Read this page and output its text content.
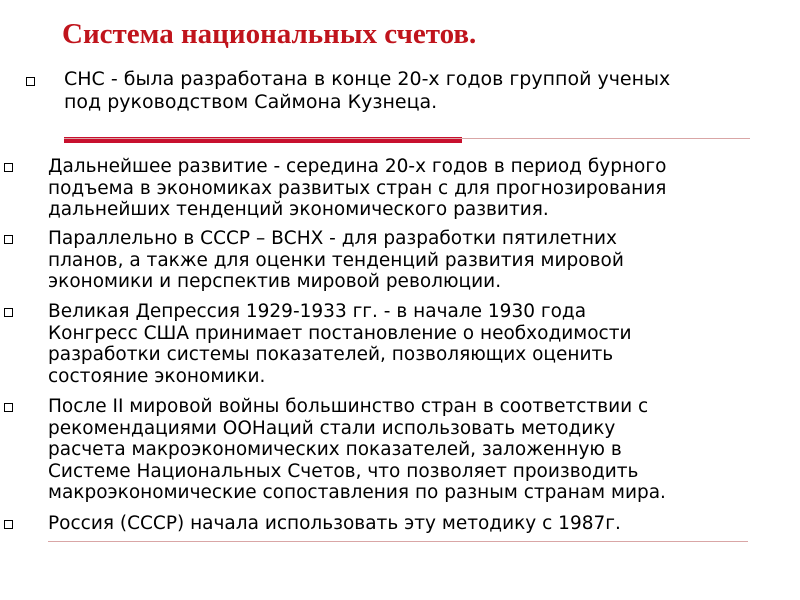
Система национальных счетов.

СНС - была разработана в конце 20-х годов группой ученых
под руководством Саймона Кузнеца.

Дальнейшее развитие - середина 20-х годов в период бурного
подъема в экономиках развитых стран с для прогнозирования
дальнейших тенденций экономического развития.

Параллельно в СССР – ВСНХ - для разработки пятилетних
планов, а также для оценки тенденций развития мировой
экономики и перспектив мировой революции.

Великая Депрессия 1929-1933 гг. - в начале 1930 года
Конгресс США принимает постановление о необходимости
разработки системы показателей, позволяющих оценить
состояние экономики.

После II мировой войны большинство стран в соответствии с
рекомендациями ООНаций стали использовать методику
расчета макроэкономических показателей, заложенную в
Системе Национальных Счетов, что позволяет производить
макроэкономические сопоставления по разным странам мира.

Россия (СССР) начала использовать эту методику с 1987г.
